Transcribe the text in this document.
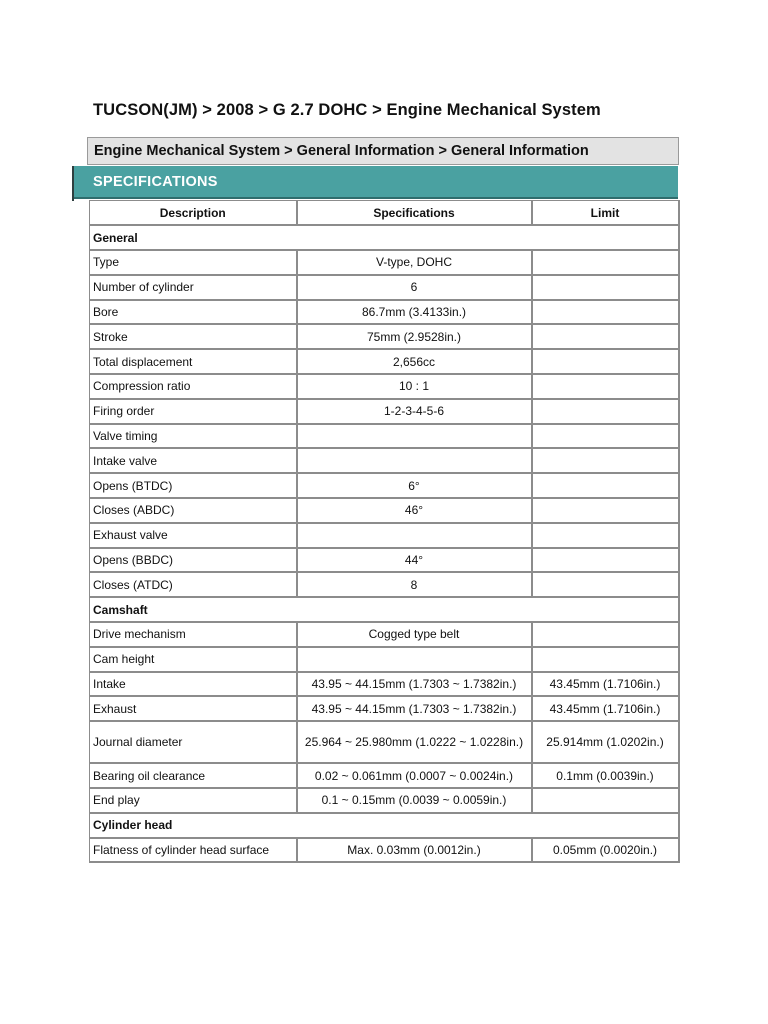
TUCSON(JM) > 2008 > G 2.7 DOHC > Engine Mechanical System
Engine Mechanical System > General Information > General Information
SPECIFICATIONS
Description	Specifications	Limit
General		
Type	V-type, DOHC	
Number of cylinder	6	
Bore	86.7mm (3.4133in.)	
Stroke	75mm (2.9528in.)	
Total displacement	2,656cc	
Compression ratio	10 : 1	
Firing order	1-2-3-4-5-6	
Valve timing		
Intake valve		
Opens (BTDC)	6°	
Closes (ABDC)	46°	
Exhaust valve		
Opens (BBDC)	44°	
Closes (ATDC)	8	
Camshaft		
Drive mechanism	Cogged type belt	
Cam height		
Intake	43.95 ~ 44.15mm (1.7303 ~ 1.7382in.)	43.45mm (1.7106in.)
Exhaust	43.95 ~ 44.15mm (1.7303 ~ 1.7382in.)	43.45mm (1.7106in.)
Journal diameter	25.964 ~ 25.980mm (1.0222 ~ 1.0228in.)	25.914mm (1.0202in.)
Bearing oil clearance	0.02 ~ 0.061mm (0.0007 ~ 0.0024in.)	0.1mm (0.0039in.)
End play	0.1 ~ 0.15mm (0.0039 ~ 0.0059in.)	
Cylinder head		
Flatness of cylinder head surface	Max. 0.03mm (0.0012in.)	0.05mm (0.0020in.)
